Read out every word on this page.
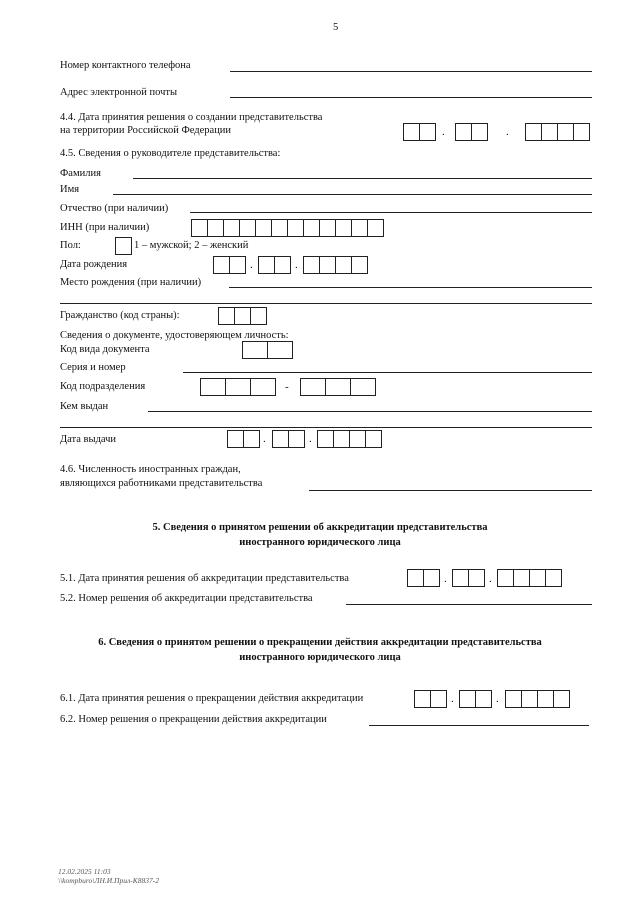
5
Номер контактного телефона
Адрес электронной почты
4.4. Дата принятия решения о создании представительства
на территории Российской Федерации	.	.
4.5. Сведения о руководителе представительства:
Фамилия
Имя
Отчество (при наличии)
ИНН (при наличии)
Пол:	1 – мужской; 2 – женский
Дата рождения	.	.
Место рождения (при наличии)
Гражданство (код страны):
Сведения о документе, удостоверяющем личность:
Код вида документа
Серия и номер
Код подразделения	-
Кем выдан
Дата выдачи	.	.
4.6. Численность иностранных граждан,
являющихся работниками представительства
5. Сведения о принятом решении об аккредитации представительства
иностранного юридического лица
5.1. Дата принятия решения об аккредитации представительства	.	.
5.2. Номер решения об аккредитации представительства
6. Сведения о принятом решении о прекращении действия аккредитации представительства
иностранного юридического лица
6.1. Дата принятия решения о прекращении действия аккредитации	.	.
6.2. Номер решения о прекращении действия аккредитации
12.02.2025 11:03
\\kompburo\ЛН.И.Прил-К8837-2
